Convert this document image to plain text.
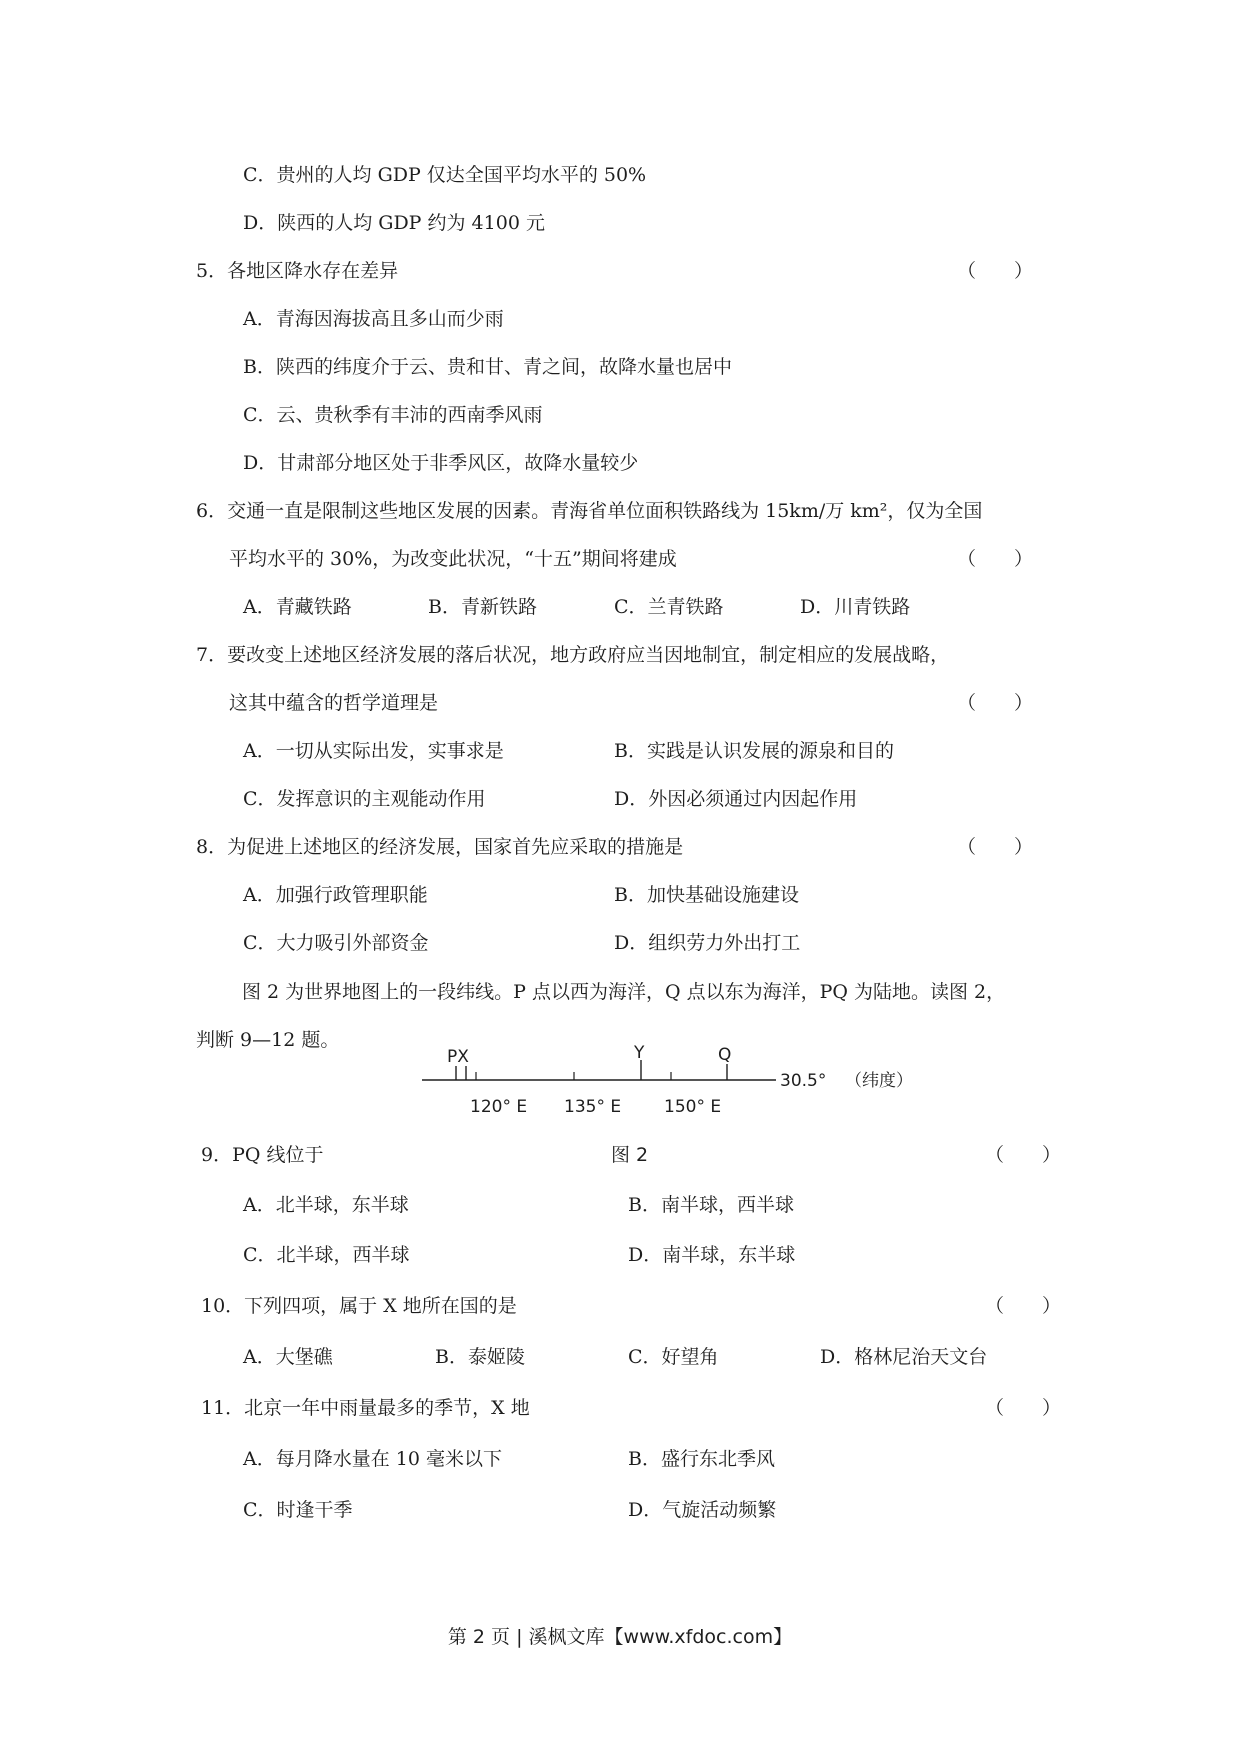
C．贵州的人均 GDP 仅达全国平均水平的 50%
D．陕西的人均 GDP 约为 4100 元
5．各地区降水存在差异	（　　）
A．青海因海拔高且多山而少雨
B．陕西的纬度介于云、贵和甘、青之间，故降水量也居中
C．云、贵秋季有丰沛的西南季风雨
D．甘肃部分地区处于非季风区，故降水量较少
6．交通一直是限制这些地区发展的因素。青海省单位面积铁路线为 15km/万 km²，仅为全国
平均水平的 30%，为改变此状况，“十五”期间将建成	（　　）
A．青藏铁路	B．青新铁路	C．兰青铁路	D．川青铁路
7．要改变上述地区经济发展的落后状况，地方政府应当因地制宜，制定相应的发展战略，
这其中蕴含的哲学道理是	（　　）
A．一切从实际出发，实事求是	B．实践是认识发展的源泉和目的
C．发挥意识的主观能动作用	D．外因必须通过内因起作用
8．为促进上述地区的经济发展，国家首先应采取的措施是	（　　）
A．加强行政管理职能	B．加快基础设施建设
C．大力吸引外部资金	D．组织劳力外出打工
图 2 为世界地图上的一段纬线。P 点以西为海洋，Q 点以东为海洋，PQ 为陆地。读图 2，
判断 9—12 题。
PX	Y	Q
30.5° （纬度）
120° E 135° E	150° E
9．PQ 线位于	图 2	（　　）
A．北半球，东半球	B．南半球，西半球
C．北半球，西半球	D．南半球，东半球
10．下列四项，属于 X 地所在国的是	（　　）
A．大堡礁	B．泰姬陵	C．好望角	D．格林尼治天文台
11．北京一年中雨量最多的季节，X 地	（　　）
A．每月降水量在 10 毫米以下	B．盛行东北季风
C．时逢干季	D．气旋活动频繁
第 2 页 | 溪枫文库【www.xfdoc.com】
